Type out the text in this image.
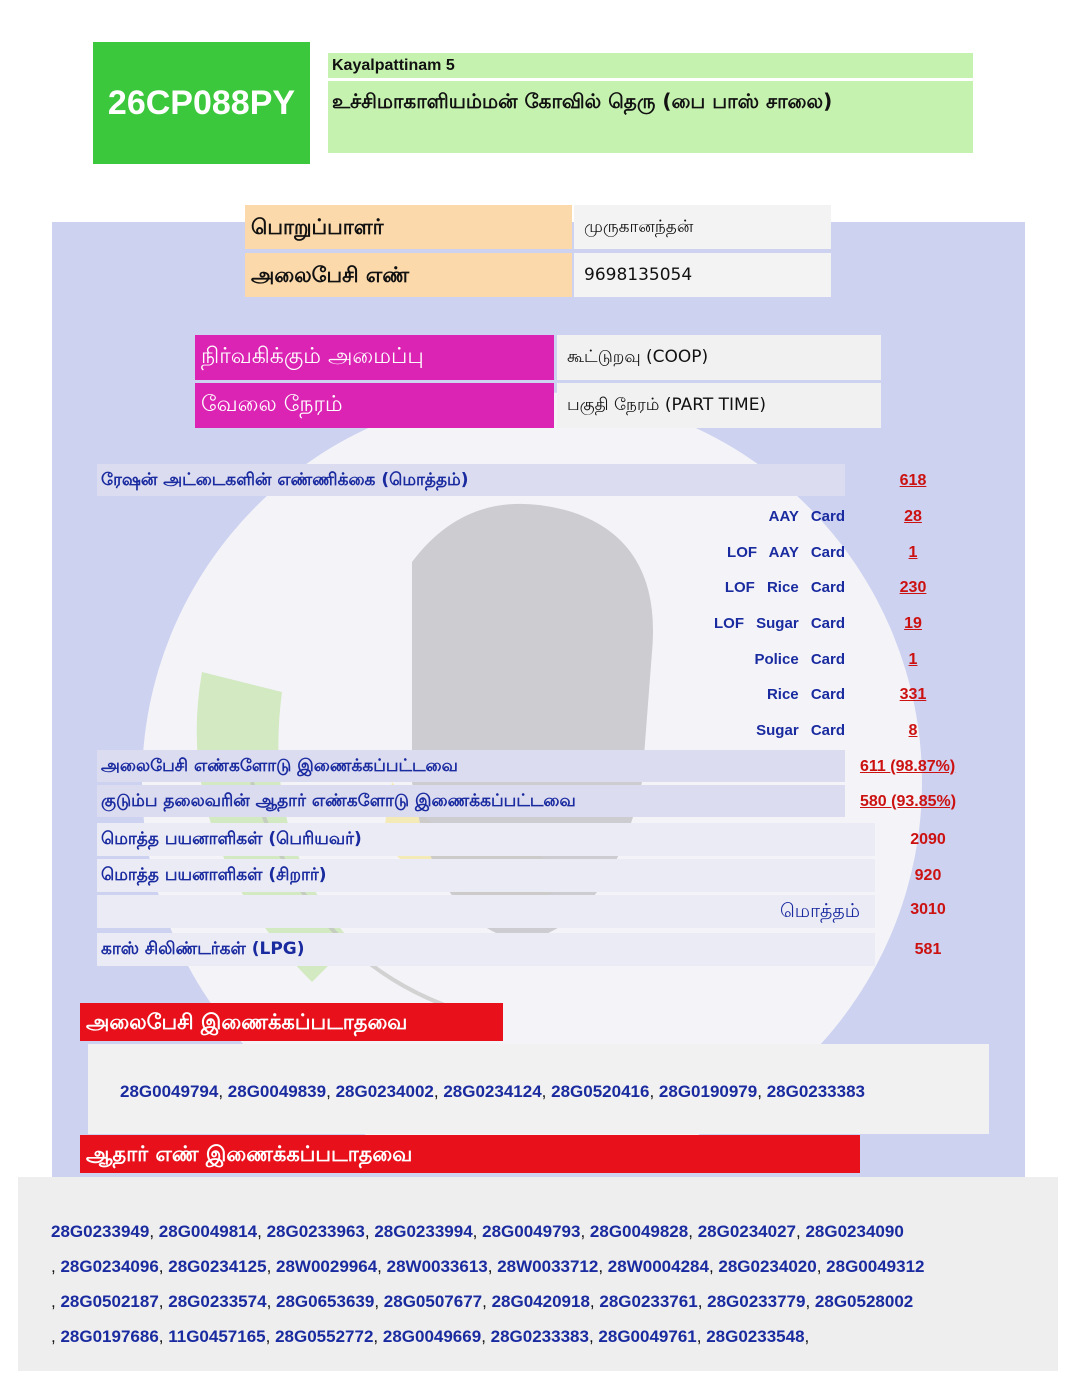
26CP088PY
Kayalpattinam 5
உச்சிமாகாளியம்மன் கோவில் தெரு (பை பாஸ் சாலை)
பொறுப்பாளர்	முருகானந்தன்
அலைபேசி எண்	9698135054
நிர்வகிக்கும் அமைப்பு	கூட்டுறவு (COOP)
வேலை நேரம்	பகுதி நேரம் (PART TIME)
ரேஷன் அட்டைகளின் எண்ணிக்கை (மொத்தம்)	618
AAY Card	28
LOF AAY Card	1
LOF Rice Card	230
LOF Sugar Card	19
Police Card	1
Rice Card	331
Sugar Card	8
அலைபேசி எண்களோடு இணைக்கப்பட்டவை	611 (98.87%)
குடும்ப தலைவரின் ஆதார் எண்களோடு இணைக்கப்பட்டவை	580 (93.85%)
மொத்த பயனாளிகள் (பெரியவர்)	2090
மொத்த பயனாளிகள் (சிறார்)	920
மொத்தம்	3010
காஸ் சிலிண்டர்கள் (LPG)	581
அலைபேசி இணைக்கப்படாதவை
28G0049794, 28G0049839, 28G0234002, 28G0234124, 28G0520416, 28G0190979, 28G0233383
ஆதார் எண் இணைக்கப்படாதவை
28G0233949, 28G0049814, 28G0233963, 28G0233994, 28G0049793, 28G0049828, 28G0234027, 28G0234090
, 28G0234096, 28G0234125, 28W0029964, 28W0033613, 28W0033712, 28W0004284, 28G0234020, 28G0049312
, 28G0502187, 28G0233574, 28G0653639, 28G0507677, 28G0420918, 28G0233761, 28G0233779, 28G0528002
, 28G0197686, 11G0457165, 28G0552772, 28G0049669, 28G0233383, 28G0049761, 28G0233548,
